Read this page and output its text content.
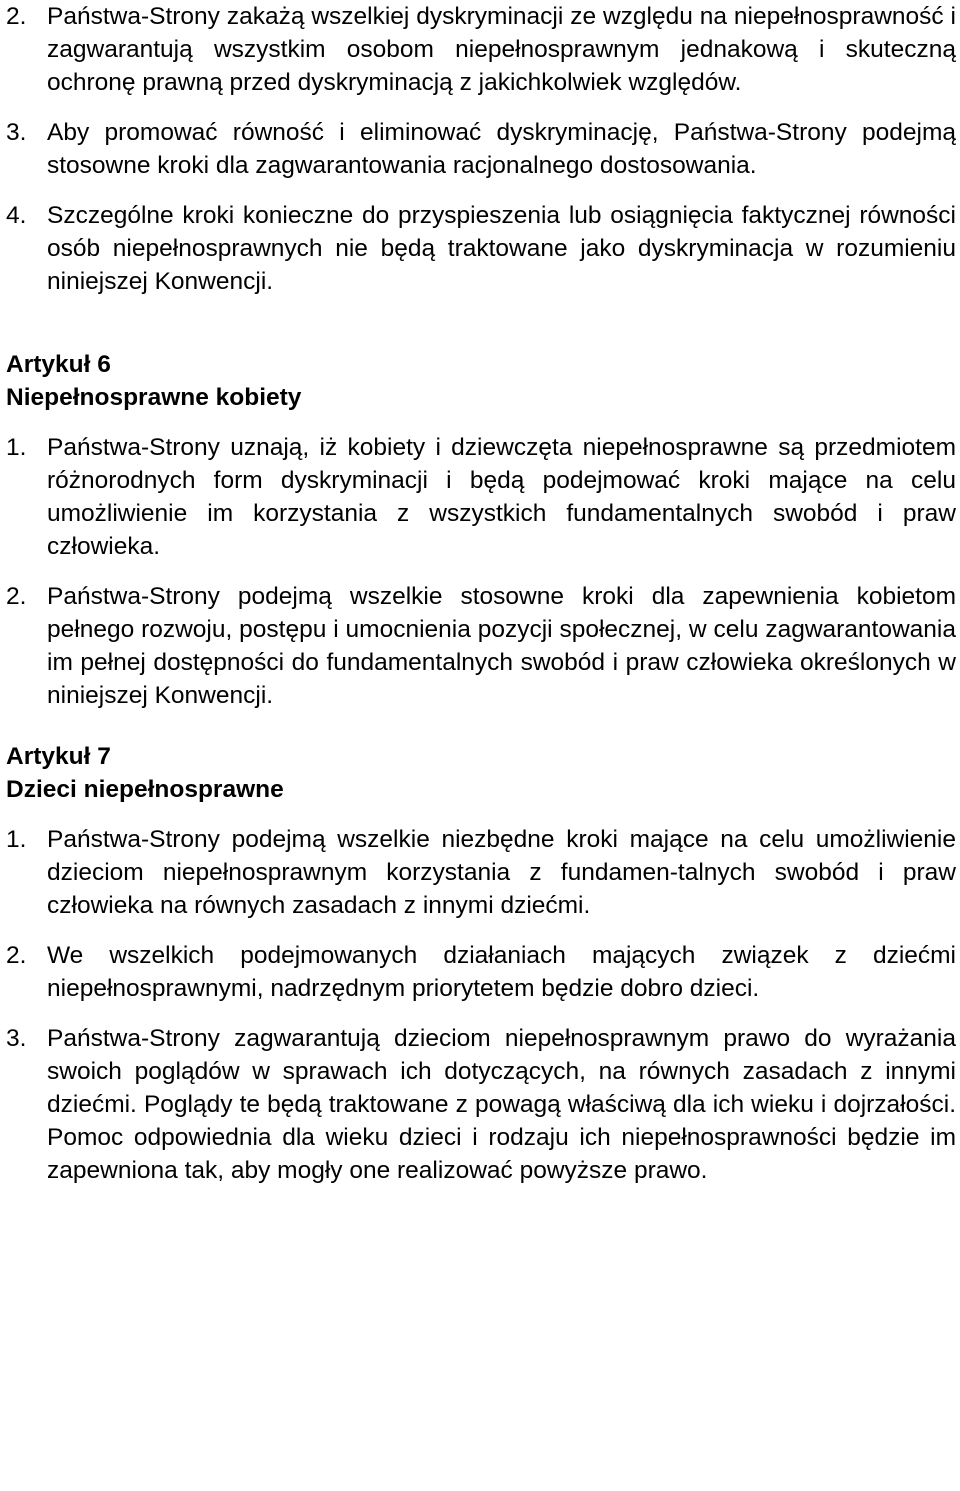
2. Państwa-Strony zakażą wszelkiej dyskryminacji ze względu na niepełnosprawność i zagwarantują wszystkim osobom niepełnosprawnym jednakową i skuteczną ochronę prawną przed dyskryminacją z jakichkolwiek względów.
3. Aby promować równość i eliminować dyskryminację, Państwa-Strony podejmą stosowne kroki dla zagwarantowania racjonalnego dostosowania.
4. Szczególne kroki konieczne do przyspieszenia lub osiągnięcia faktycznej równości osób niepełnosprawnych nie będą traktowane jako dyskryminacja w rozumieniu niniejszej Konwencji.

Artykuł 6

Niepełnosprawne kobiety

1. Państwa-Strony uznają, iż kobiety i dziewczęta niepełnosprawne są przedmiotem różnorodnych form dyskryminacji i będą podejmować kroki mające na celu umożliwienie im korzystania z wszystkich fundamentalnych swobód i praw człowieka.
2. Państwa-Strony podejmą wszelkie stosowne kroki dla zapewnienia kobietom pełnego rozwoju, postępu i umocnienia pozycji społecznej, w celu zagwarantowania im pełnej dostępności do fundamentalnych swobód i praw człowieka określonych w niniejszej Konwencji.

Artykuł 7

Dzieci niepełnosprawne

1. Państwa-Strony podejmą wszelkie niezbędne kroki mające na celu umożliwienie dzieciom niepełnosprawnym korzystania z fundamen-talnych swobód i praw człowieka na równych zasadach z innymi dziećmi.
2. We wszelkich podejmowanych działaniach mających związek z dziećmi niepełnosprawnymi, nadrzędnym priorytetem będzie dobro dzieci.
3. Państwa-Strony zagwarantują dzieciom niepełnosprawnym prawo do wyrażania swoich poglądów w sprawach ich dotyczących, na równych zasadach z innymi dziećmi. Poglądy te będą traktowane z powagą właściwą dla ich wieku i dojrzałości. Pomoc odpowiednia dla wieku dzieci i rodzaju ich niepełnosprawności będzie im zapewniona tak, aby mogły one realizować powyższe prawo.
